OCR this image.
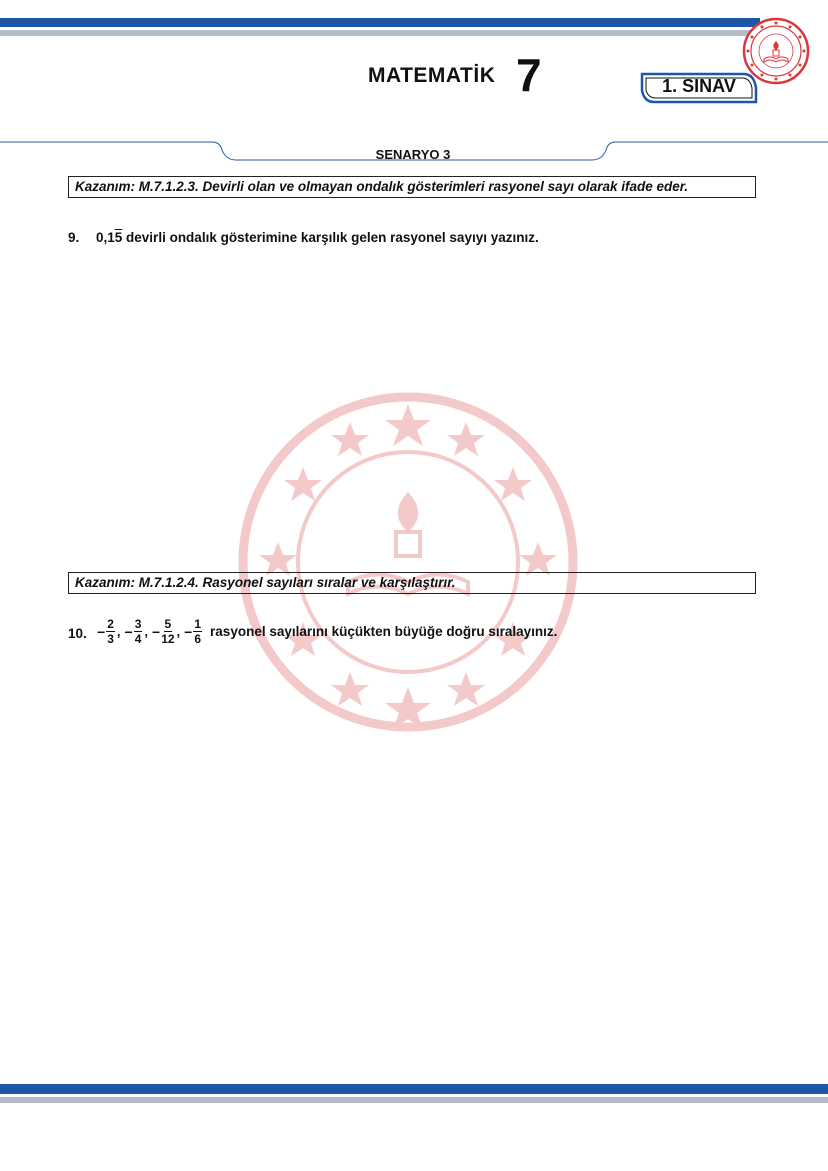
MATEMATİK 7	1. SINAV
SENARYO 3
Kazanım: M.7.1.2.3. Devirli olan ve olmayan ondalık gösterimleri rasyonel sayı olarak ifade eder.
9. 0,15 devirli ondalık gösterimine karşılık gelen rasyonel sayıyı yazınız.
Kazanım: M.7.1.2.4. Rasyonel sayıları sıralar ve karşılaştırır.
10. − $\frac{2}{3}$ , − $\frac{3}{4}$ , − $\frac{5}{12}$ , − $\frac{1}{6}$ rasyonel sayılarını küçükten büyüğe doğru sıralayınız.
